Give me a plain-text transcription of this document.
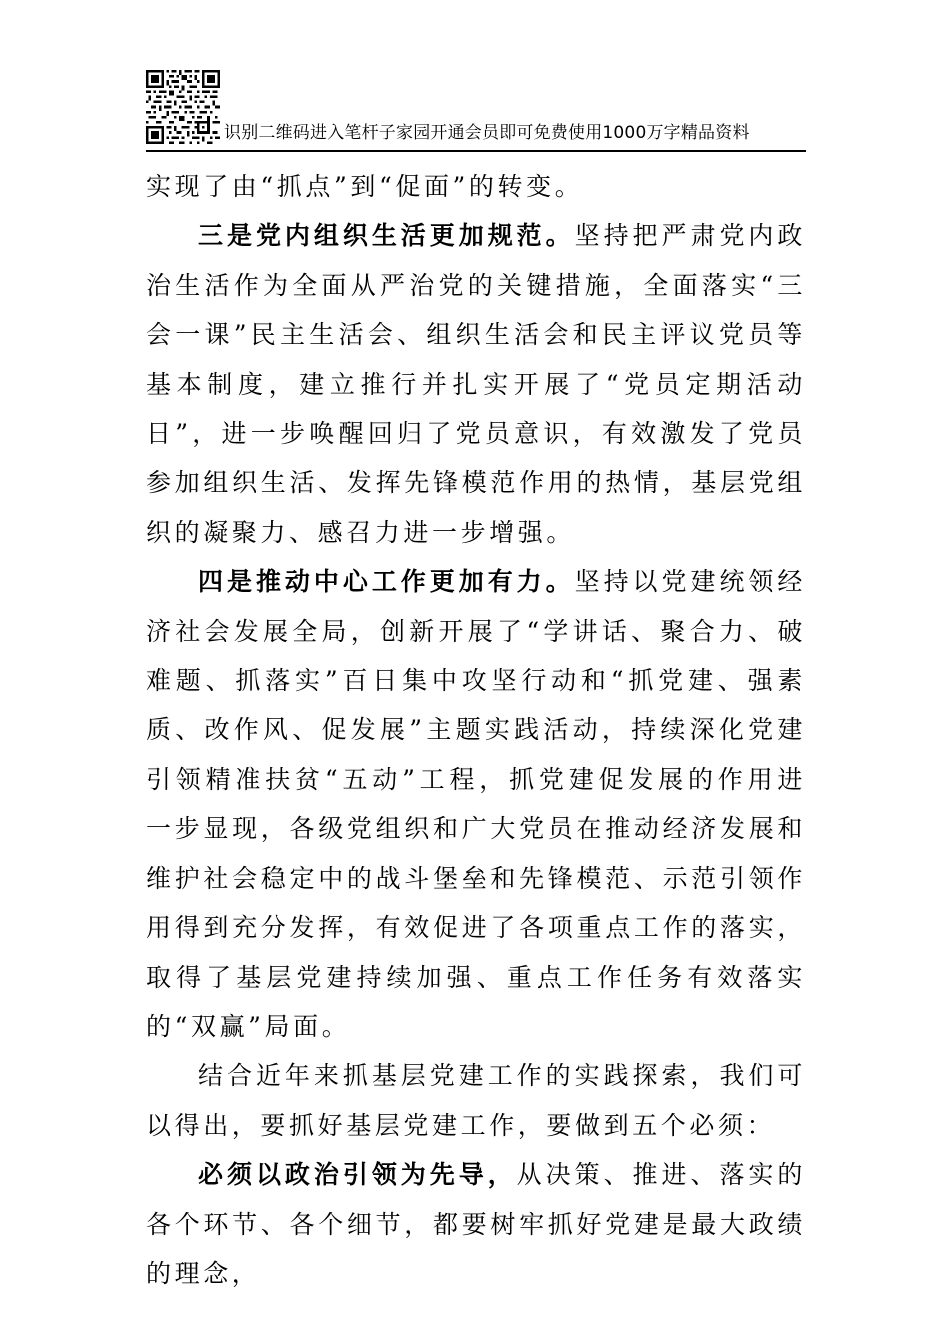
识别二维码进入笔杆子家园开通会员即可免费使用1000万字精品资料

实现了由“抓点”到“促面”的转变。

三是党内组织生活更加规范。坚持把严肃党内政治生活作为全面从严治党的关键措施，全面落实“三会一课”民主生活会、组织生活会和民主评议党员等基本制度，建立推行并扎实开展了“党员定期活动日”，进一步唤醒回归了党员意识，有效激发了党员参加组织生活、发挥先锋模范作用的热情，基层党组织的凝聚力、感召力进一步增强。

四是推动中心工作更加有力。坚持以党建统领经济社会发展全局，创新开展了“学讲话、聚合力、破难题、抓落实”百日集中攻坚行动和“抓党建、强素质、改作风、促发展”主题实践活动，持续深化党建引领精准扶贫“五动”工程，抓党建促发展的作用进一步显现，各级党组织和广大党员在推动经济发展和维护社会稳定中的战斗堡垒和先锋模范、示范引领作用得到充分发挥，有效促进了各项重点工作的落实，取得了基层党建持续加强、重点工作任务有效落实的“双赢”局面。

结合近年来抓基层党建工作的实践探索，我们可以得出，要抓好基层党建工作，要做到五个必须：

必须以政治引领为先导，从决策、推进、落实的各个环节、各个细节，都要树牢抓好党建是最大政绩的理念，
